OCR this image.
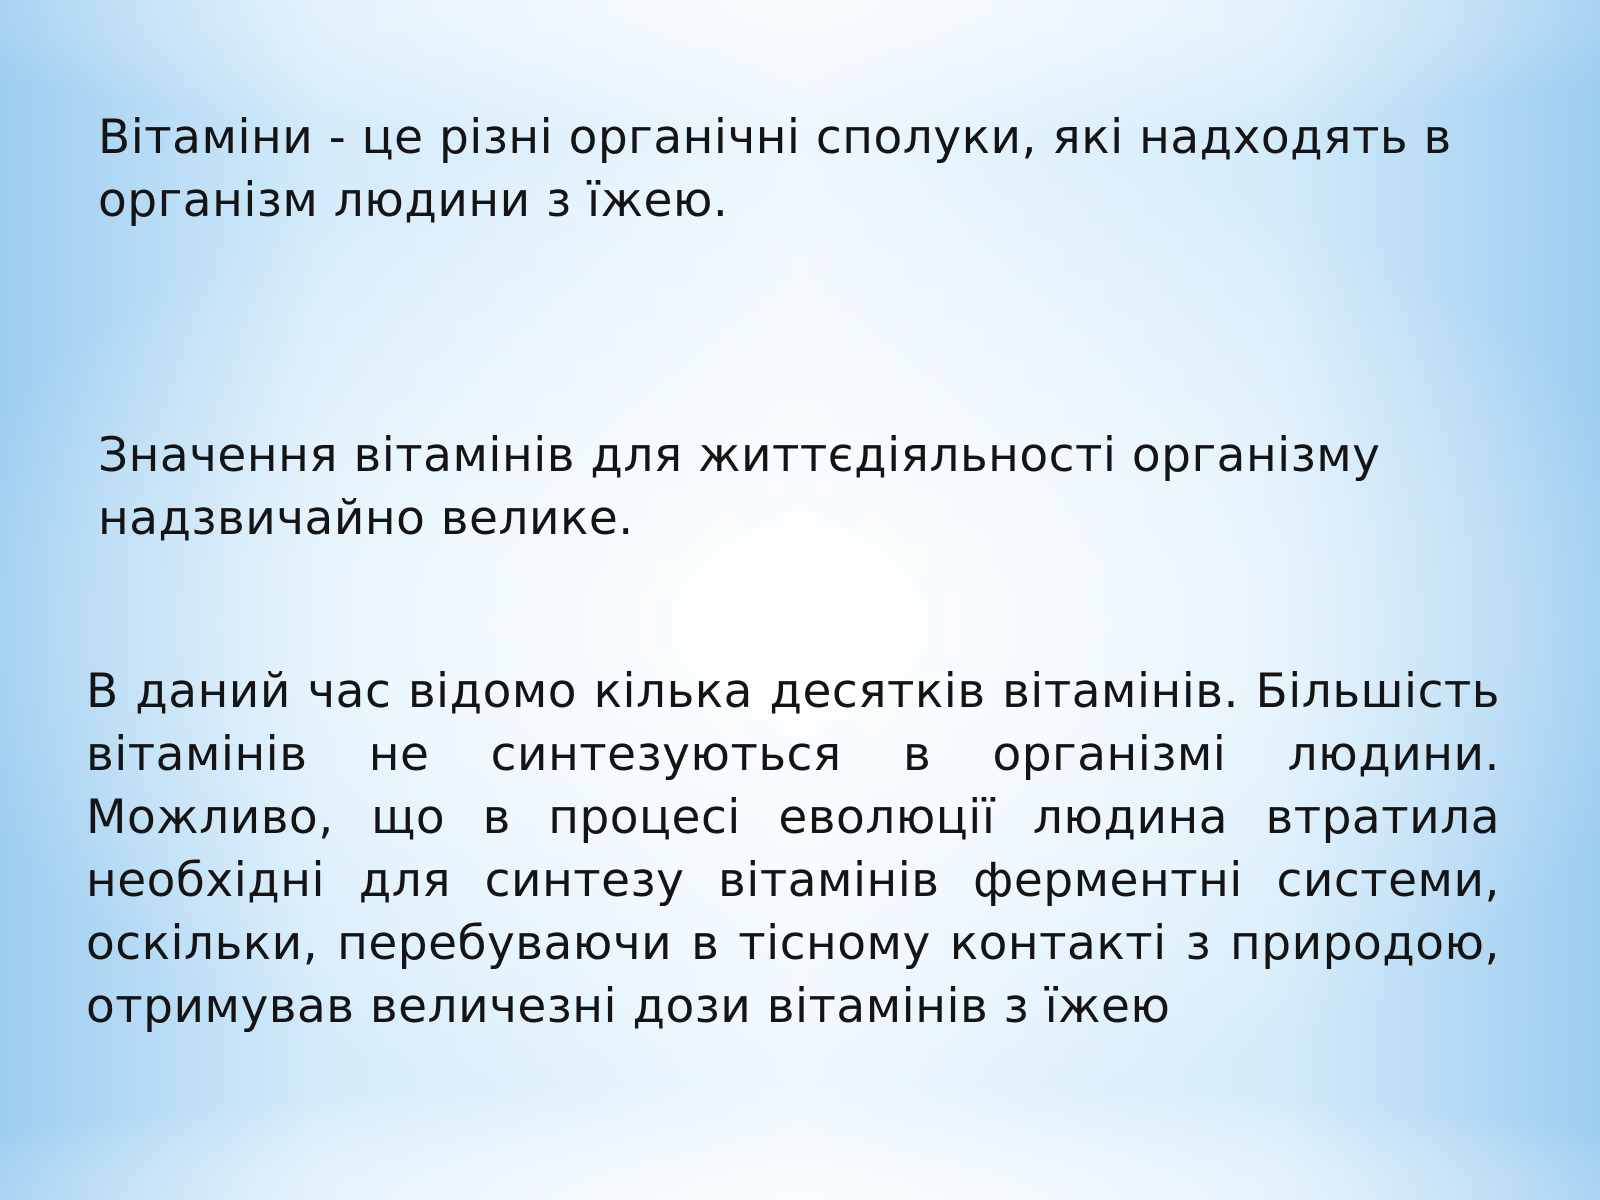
Вітаміни - це різні органічні сполуки, які надходять в організм людини з їжею.

Значення вітамінів для життєдіяльності організму надзвичайно велике.

В даний час відомо кілька десятків вітамінів. Більшість вітамінів не синтезуються в організмі людини. Можливо, що в процесі еволюції людина втратила необхідні для синтезу вітамінів ферментні системи, оскільки, перебуваючи в тісному контакті з природою, отримував величезні дози вітамінів з їжею
